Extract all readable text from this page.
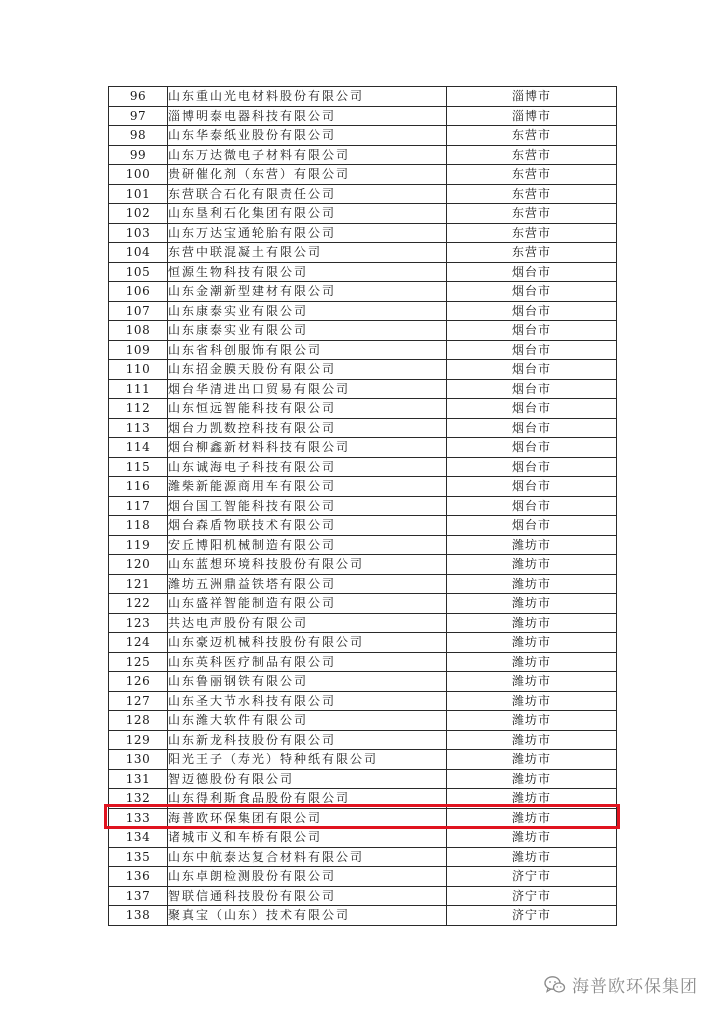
96	山东重山光电材料股份有限公司	淄博市
97	淄博明泰电器科技有限公司	淄博市
98	山东华泰纸业股份有限公司	东营市
99	山东万达微电子材料有限公司	东营市
100	贵研催化剂（东营）有限公司	东营市
101	东营联合石化有限责任公司	东营市
102	山东垦利石化集团有限公司	东营市
103	山东万达宝通轮胎有限公司	东营市
104	东营中联混凝土有限公司	东营市
105	恒源生物科技有限公司	烟台市
106	山东金潮新型建材有限公司	烟台市
107	山东康泰实业有限公司	烟台市
108	山东康泰实业有限公司	烟台市
109	山东省科创服饰有限公司	烟台市
110	山东招金膜天股份有限公司	烟台市
111	烟台华清进出口贸易有限公司	烟台市
112	山东恒远智能科技有限公司	烟台市
113	烟台力凯数控科技有限公司	烟台市
114	烟台柳鑫新材料科技有限公司	烟台市
115	山东诚海电子科技有限公司	烟台市
116	潍柴新能源商用车有限公司	烟台市
117	烟台国工智能科技有限公司	烟台市
118	烟台森盾物联技术有限公司	烟台市
119	安丘博阳机械制造有限公司	潍坊市
120	山东蓝想环境科技股份有限公司	潍坊市
121	潍坊五洲鼎益铁塔有限公司	潍坊市
122	山东盛祥智能制造有限公司	潍坊市
123	共达电声股份有限公司	潍坊市
124	山东豪迈机械科技股份有限公司	潍坊市
125	山东英科医疗制品有限公司	潍坊市
126	山东鲁丽钢铁有限公司	潍坊市
127	山东圣大节水科技有限公司	潍坊市
128	山东潍大软件有限公司	潍坊市
129	山东新龙科技股份有限公司	潍坊市
130	阳光王子（寿光）特种纸有限公司	潍坊市
131	智迈德股份有限公司	潍坊市
132	山东得利斯食品股份有限公司	潍坊市
133	海普欧环保集团有限公司	潍坊市
134	诸城市义和车桥有限公司	潍坊市
135	山东中航泰达复合材料有限公司	潍坊市
136	山东卓朗检测股份有限公司	济宁市
137	智联信通科技股份有限公司	济宁市
138	聚真宝（山东）技术有限公司	济宁市
海普欧环保集团
